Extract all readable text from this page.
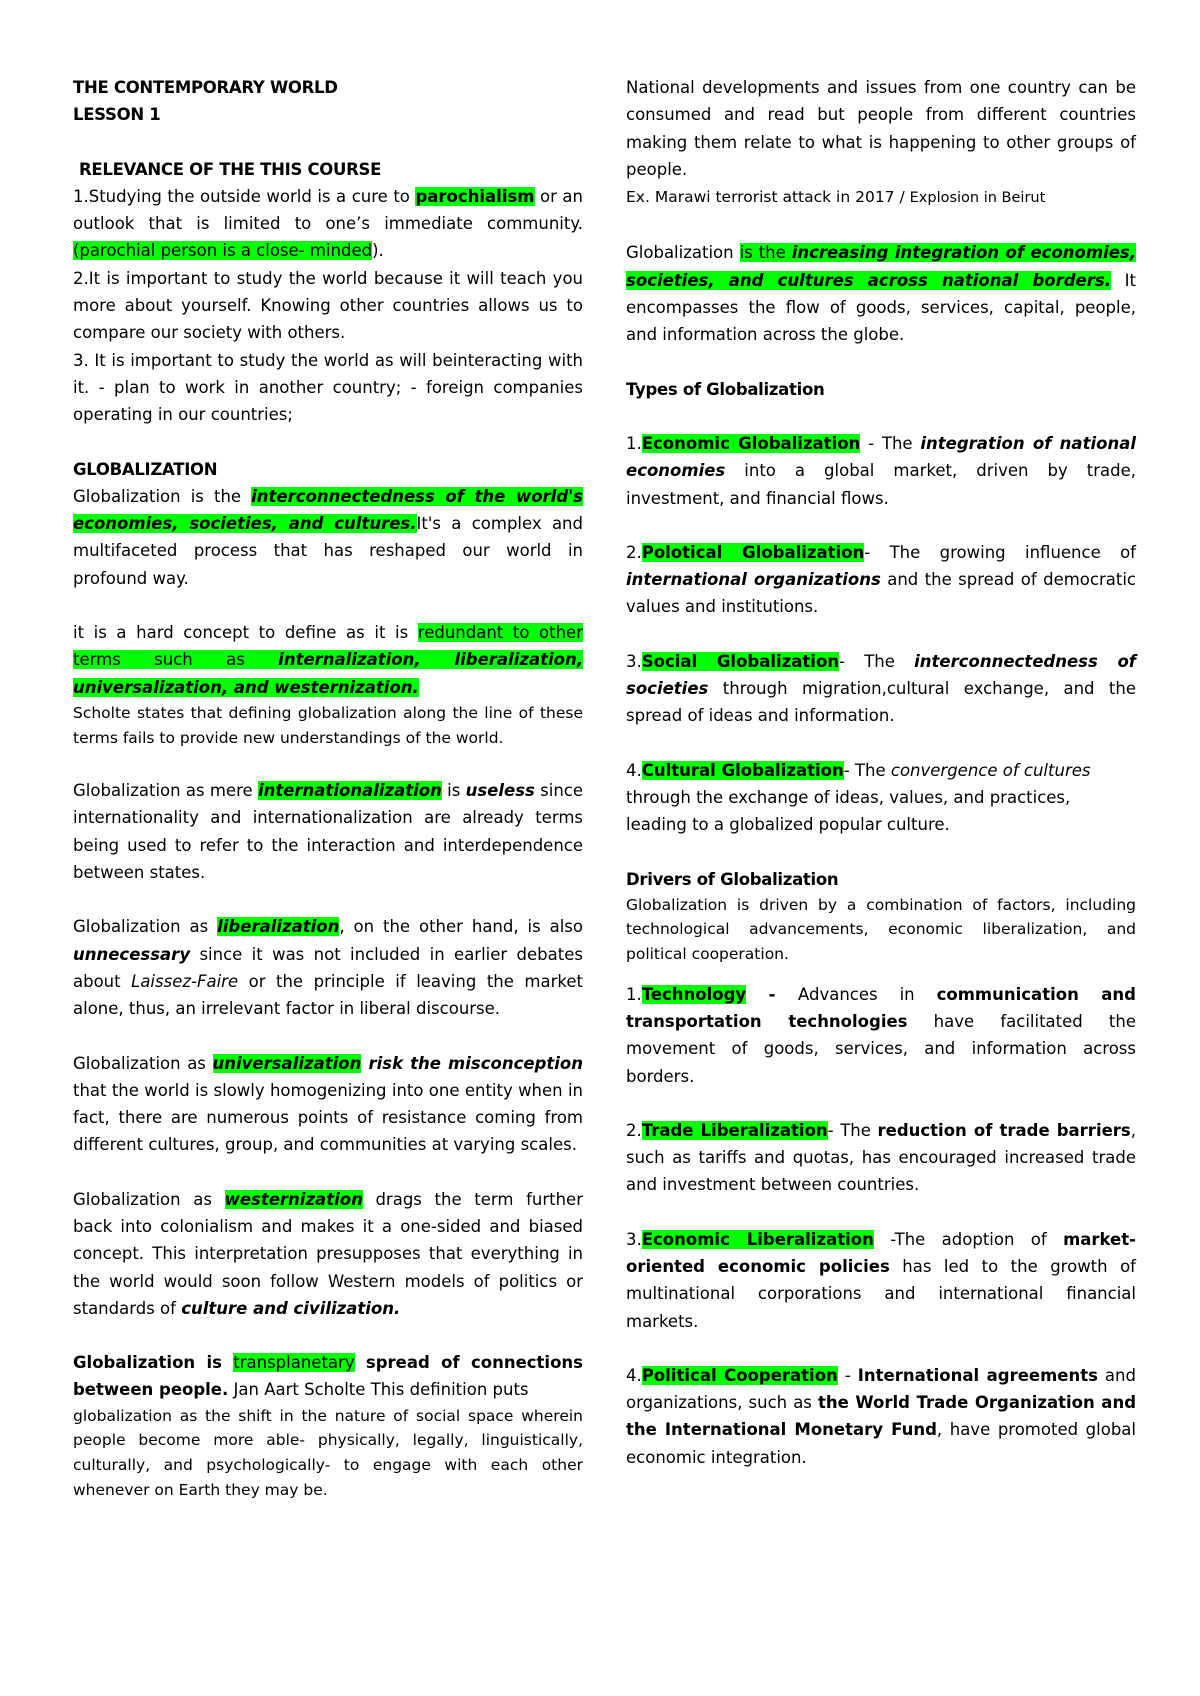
THE CONTEMPORARY WORLD

LESSON 1

RELEVANCE OF THE THIS COURSE

1.Studying the outside world is a cure to parochialism or an outlook that is limited to one’s immediate community. (parochial person is a close- minded).

2.It is important to study the world because it will teach you more about yourself. Knowing other countries allows us to compare our society with others.

3. It is important to study the world as will beinteracting with it. - plan to work in another country; - foreign companies operating in our countries;

GLOBALIZATION

Globalization is the interconnectedness of the world's economies, societies, and cultures.It's a complex and multifaceted process that has reshaped our world in profound way.

it is a hard concept to define as it is redundant to other terms such as internalization, liberalization, universalization, and westernization.

Scholte states that defining globalization along the line of these terms fails to provide new understandings of the world.

Globalization as mere internationalization is useless since internationality and internationalization are already terms being used to refer to the interaction and interdependence between states.

Globalization as liberalization, on the other hand, is also unnecessary since it was not included in earlier debates about Laissez-Faire or the principle if leaving the market alone, thus, an irrelevant factor in liberal discourse.

Globalization as universalization risk the misconception that the world is slowly homogenizing into one entity when in fact, there are numerous points of resistance coming from different cultures, group, and communities at varying scales.

Globalization as westernization drags the term further back into colonialism and makes it a one-sided and biased concept. This interpretation presupposes that everything in the world would soon follow Western models of politics or standards of culture and civilization.

Globalization is transplanetary spread of connections between people. Jan Aart Scholte This definition puts

globalization as the shift in the nature of social space wherein people become more able- physically, legally, linguistically, culturally, and psychologically- to engage with each other whenever on Earth they may be.

National developments and issues from one country can be consumed and read but people from different countries making them relate to what is happening to other groups of people.

Ex. Marawi terrorist attack in 2017 / Explosion in Beirut

Globalization is the increasing integration of economies, societies, and cultures across national borders. It encompasses the flow of goods, services, capital, people, and information across the globe.

Types of Globalization

1.Economic Globalization - The integration of national economies into a global market, driven by trade, investment, and financial flows.

2.Polotical Globalization- The growing influence of international organizations and the spread of democratic values and institutions.

3.Social Globalization- The interconnectedness of societies through migration,cultural exchange, and the spread of ideas and information.

4.Cultural Globalization- The convergence of cultures through the exchange of ideas, values, and practices, leading to a globalized popular culture.

Drivers of Globalization

Globalization is driven by a combination of factors, including technological advancements, economic liberalization, and political cooperation.

1.Technology - Advances in communication and transportation technologies have facilitated the movement of goods, services, and information across borders.

2.Trade Liberalization- The reduction of trade barriers, such as tariffs and quotas, has encouraged increased trade and investment between countries.

3.Economic Liberalization -The adoption of market-oriented economic policies has led to the growth of multinational corporations and international financial markets.

4.Political Cooperation - International agreements and organizations, such as the World Trade Organization and the International Monetary Fund, have promoted global economic integration.
